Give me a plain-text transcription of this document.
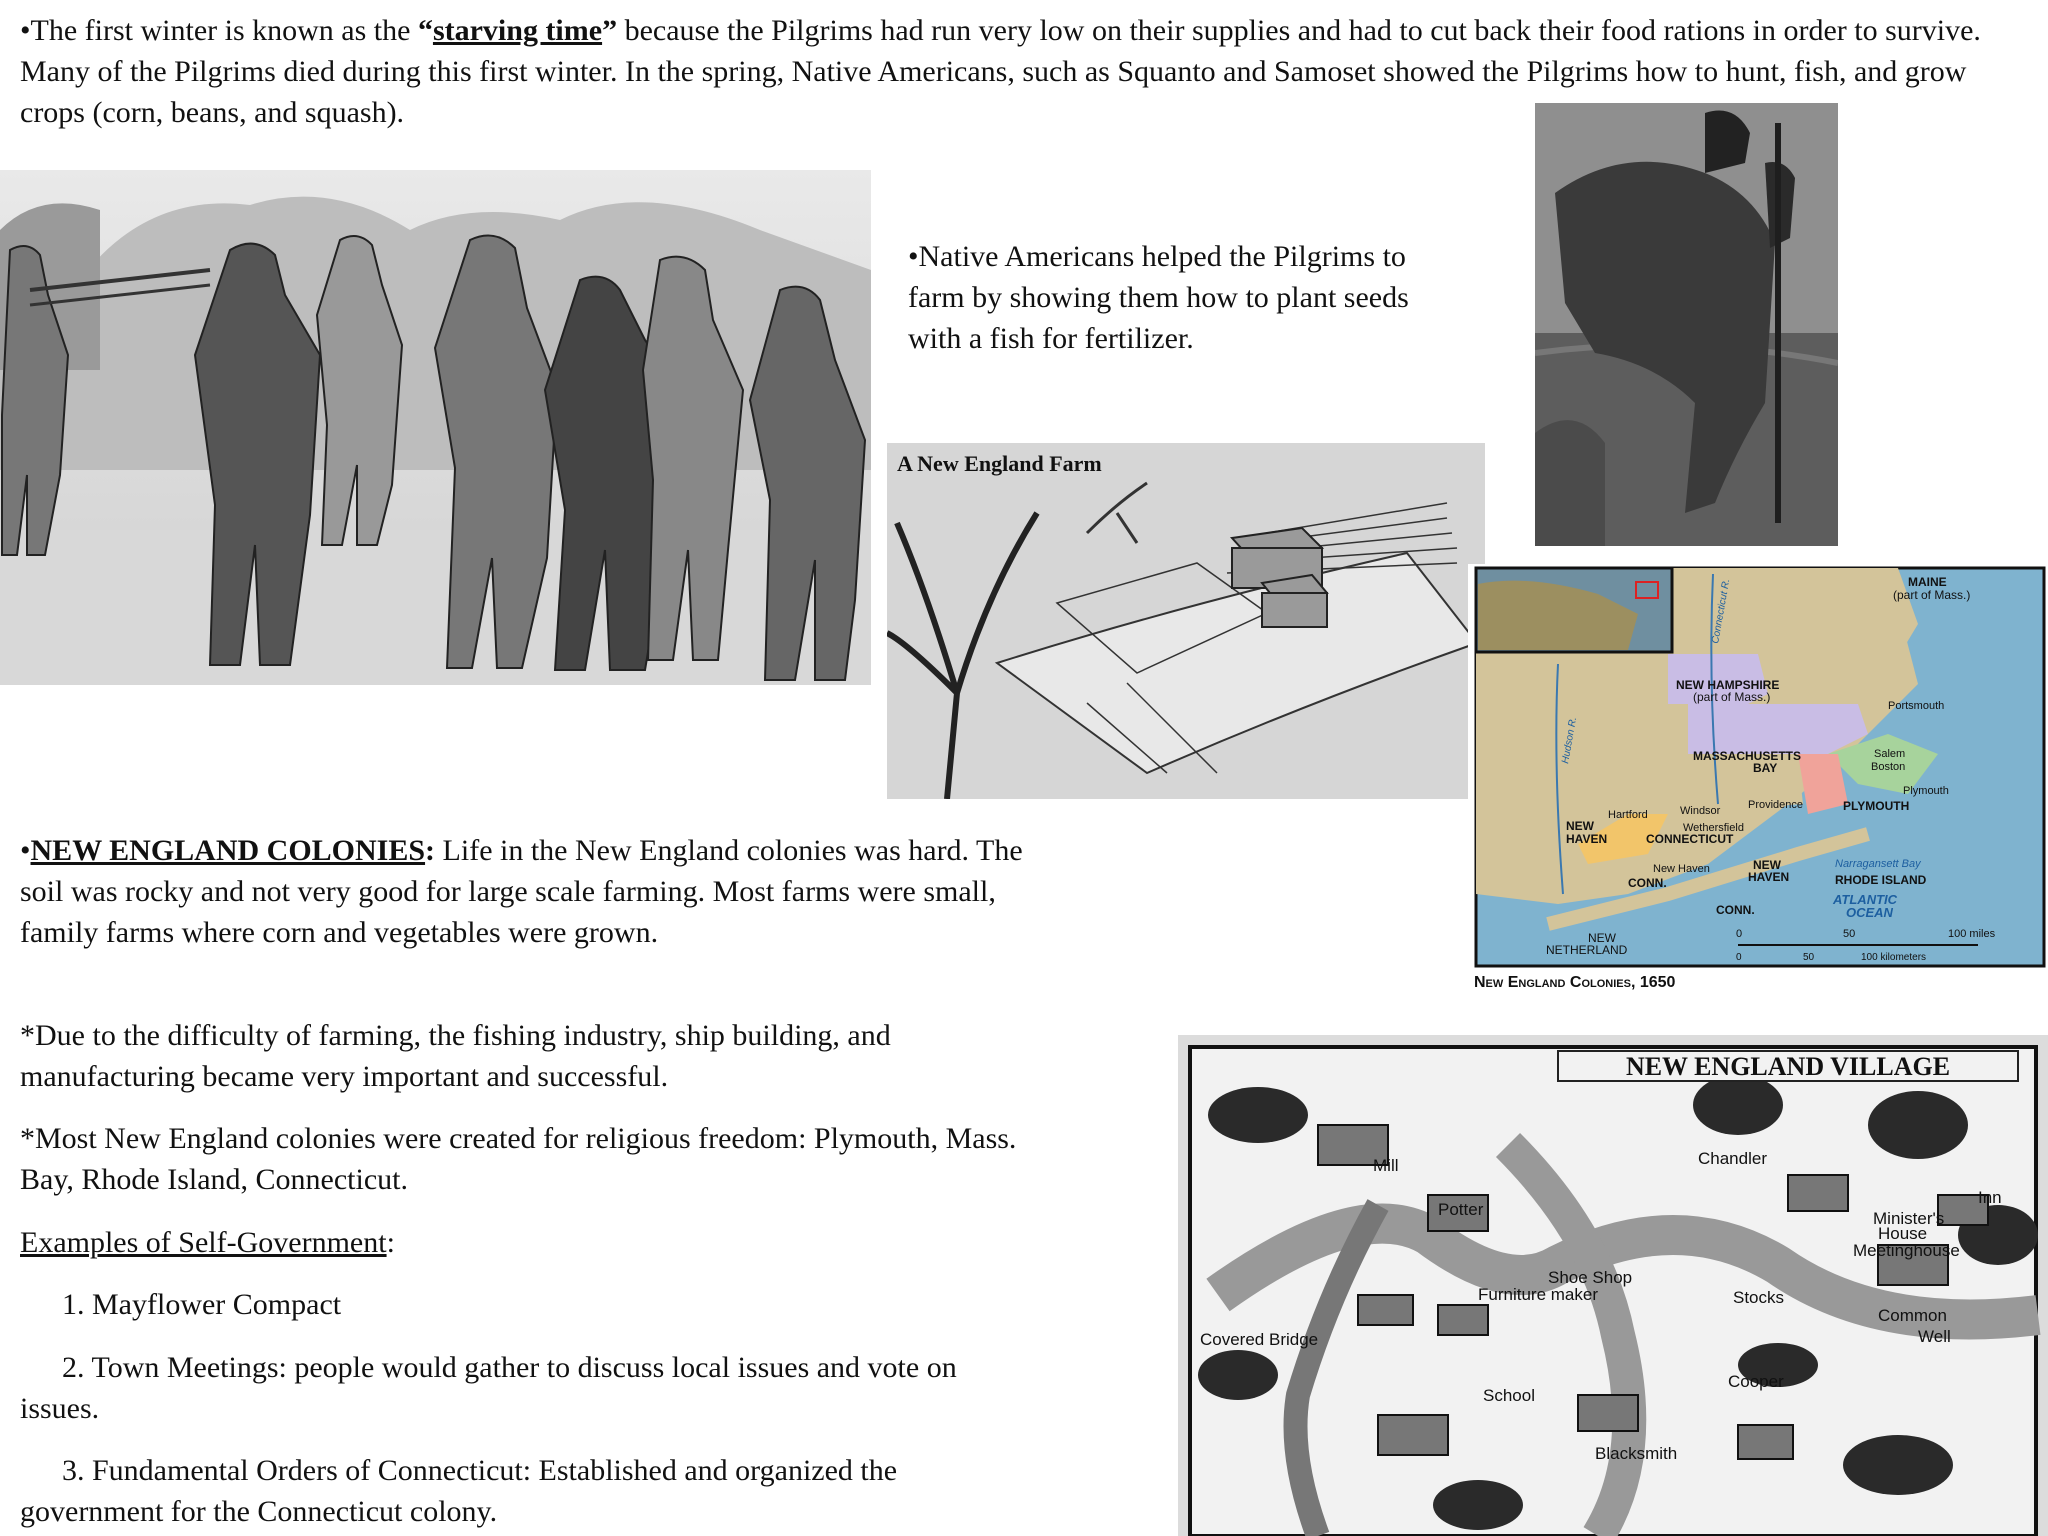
•The first winter is known as the “starving time” because the Pilgrims had run very low on their supplies and had to cut back their food rations in order to survive. Many of the Pilgrims died during this first winter. In the spring, Native Americans, such as Squanto and Samoset showed the Pilgrims how to hunt, fish, and grow crops (corn, beans, and squash).

•Native Americans helped the Pilgrims to farm by showing them how to plant seeds with a fish for fertilizer.

A New England Farm
MAINE
(part of Mass.)
NEW HAMPSHIRE
(part of Mass.)
Portsmouth
MASSACHUSETTS
BAY
Salem
Boston
Plymouth
PLYMOUTH
Providence
Hartford	Windsor
Wethersfield
NEW
HAVEN	CONNECTICUT
New Haven
CONN.
NEW
HAVEN	RHODE ISLAND
Narragansett Bay
CONN.
ATLANTIC
OCEAN
NEW
NETHERLAND
Connecticut R.
Hudson R.
0	50	100 miles
0	50	100 kilometers
New England Colonies, 1650
NEW ENGLAND VILLAGE
Mill	Chandler
Inn
Potter	Minister's
House
Meetinghouse
Shoe Shop
Furniture maker	Stocks
Common
Well
Covered Bridge
Cooper
School
Blacksmith

•NEW ENGLAND COLONIES: Life in the New England colonies was hard. The soil was rocky and not very good for large scale farming. Most farms were small, family farms where corn and vegetables were grown.

*Due to the difficulty of farming, the fishing industry, ship building, and manufacturing became very important and successful.

*Most New England colonies were created for religious freedom: Plymouth, Mass. Bay, Rhode Island, Connecticut.

Examples of Self-Government:

1. Mayflower Compact

2. Town Meetings: people would gather to discuss local issues and vote on issues.

3. Fundamental Orders of Connecticut: Established and organized the government for the Connecticut colony.
